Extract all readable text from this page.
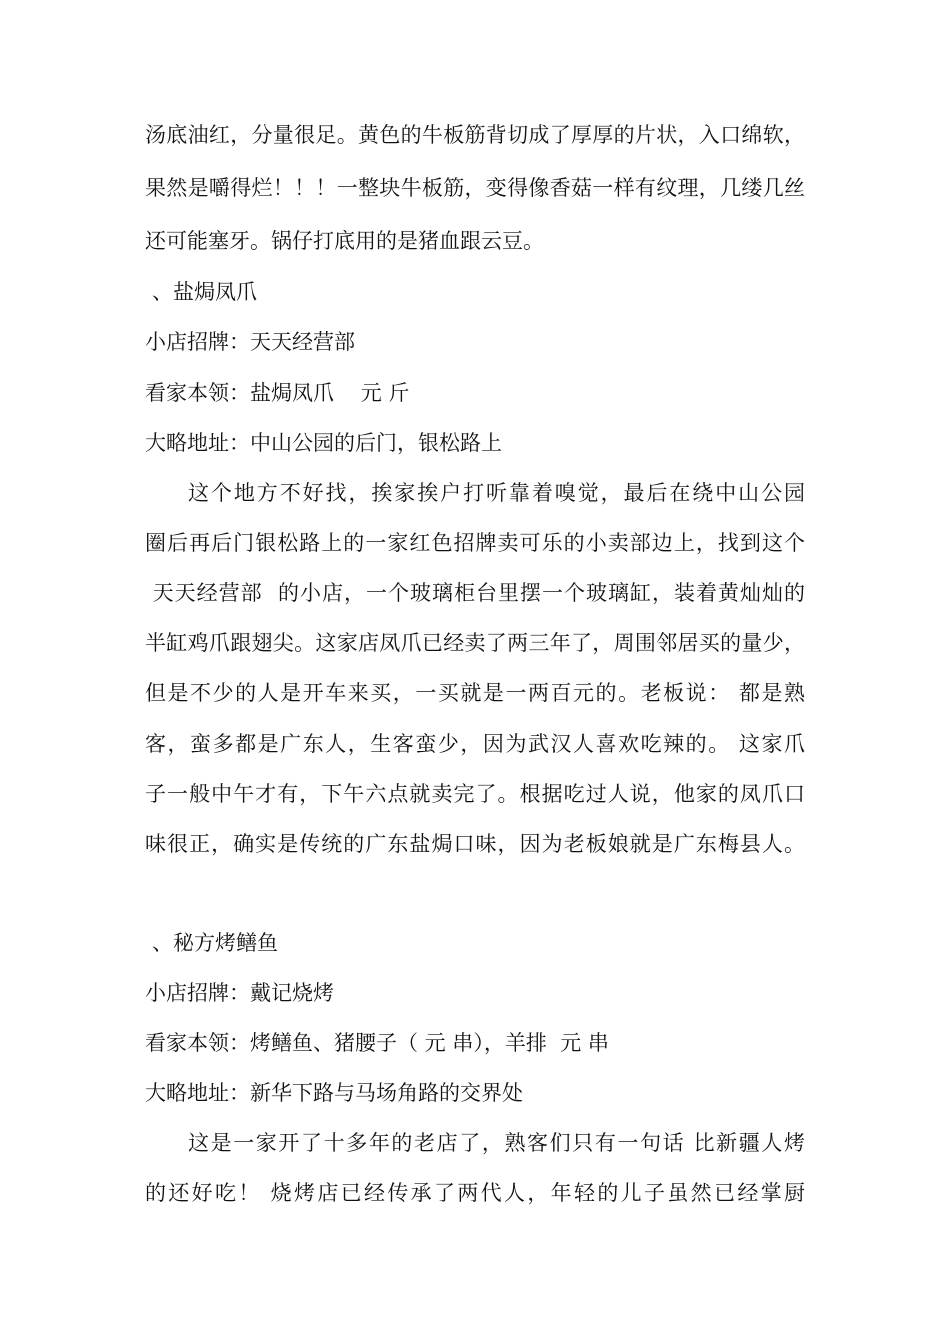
汤底油红，分量很足。黄色的牛板筋背切成了厚厚的片状，入口绵软，
果然是嚼得烂！！！一整块牛板筋，变得像香菇一样有纹理，几缕几丝
还可能塞牙。锅仔打底用的是猪血跟云豆。
、盐焗凤爪
小店招牌：天天经营部
看家本领：盐焗凤爪    元 斤
大略地址：中山公园的后门，银松路上
这个地方不好找，挨家挨户打听靠着嗅觉，最后在绕中山公园
圈后再后门银松路上的一家红色招牌卖可乐的小卖部边上，找到这个
天天经营部  的小店，一个玻璃柜台里摆一个玻璃缸，装着黄灿灿的
半缸鸡爪跟翅尖。这家店凤爪已经卖了两三年了，周围邻居买的量少，
但是不少的人是开车来买，一买就是一两百元的。老板说： 都是熟
客，蛮多都是广东人，生客蛮少，因为武汉人喜欢吃辣的。 这家爪
子一般中午才有，下午六点就卖完了。根据吃过人说，他家的凤爪口
味很正，确实是传统的广东盐焗口味，因为老板娘就是广东梅县人。
、秘方烤鳝鱼
小店招牌：戴记烧烤
看家本领：烤鳝鱼、猪腰子（ 元 串），羊排  元 串
大略地址：新华下路与马场角路的交界处
这是一家开了十多年的老店了，熟客们只有一句话 比新疆人烤
的还好吃！ 烧烤店已经传承了两代人，年轻的儿子虽然已经掌厨
